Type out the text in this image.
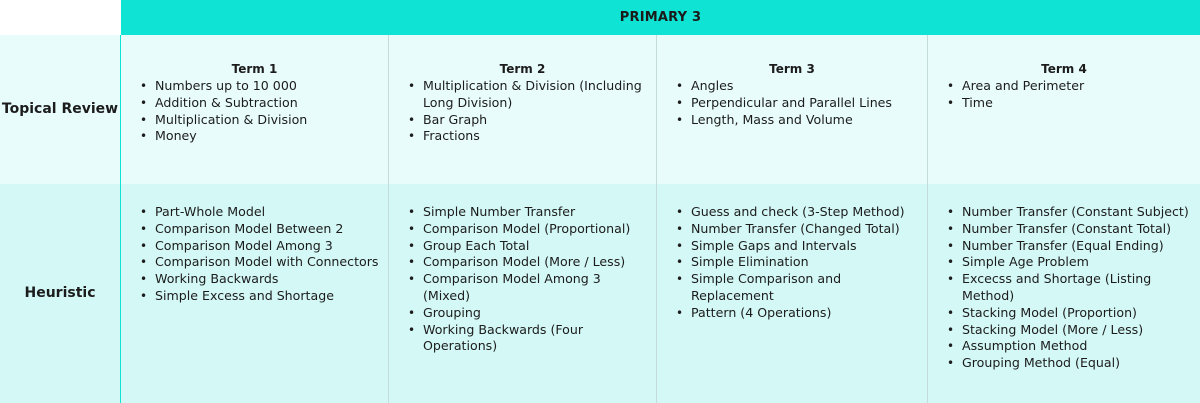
PRIMARY 3
Topical Review
Term 1
• Numbers up to 10 000
• Addition & Subtraction
• Multiplication & Division
• Money
Term 2
• Multiplication & Division (Including Long Division)
• Bar Graph
• Fractions
Term 3
• Angles
• Perpendicular and Parallel Lines
• Length, Mass and Volume
Term 4
• Area and Perimeter
• Time
Heuristic
• Part-Whole Model
• Comparison Model Between 2
• Comparison Model Among 3
• Comparison Model with Connectors
• Working Backwards
• Simple Excess and Shortage
• Simple Number Transfer
• Comparison Model (Proportional)
• Group Each Total
• Comparison Model (More / Less)
• Comparison Model Among 3 (Mixed)
• Grouping
• Working Backwards (Four Operations)
• Guess and check (3-Step Method)
• Number Transfer (Changed Total)
• Simple Gaps and Intervals
• Simple Elimination
• Simple Comparison and Replacement
• Pattern (4 Operations)
• Number Transfer (Constant Subject)
• Number Transfer (Constant Total)
• Number Transfer (Equal Ending)
• Simple Age Problem
• Excecss and Shortage (Listing Method)
• Stacking Model (Proportion)
• Stacking Model (More / Less)
• Assumption Method
• Grouping Method (Equal)
